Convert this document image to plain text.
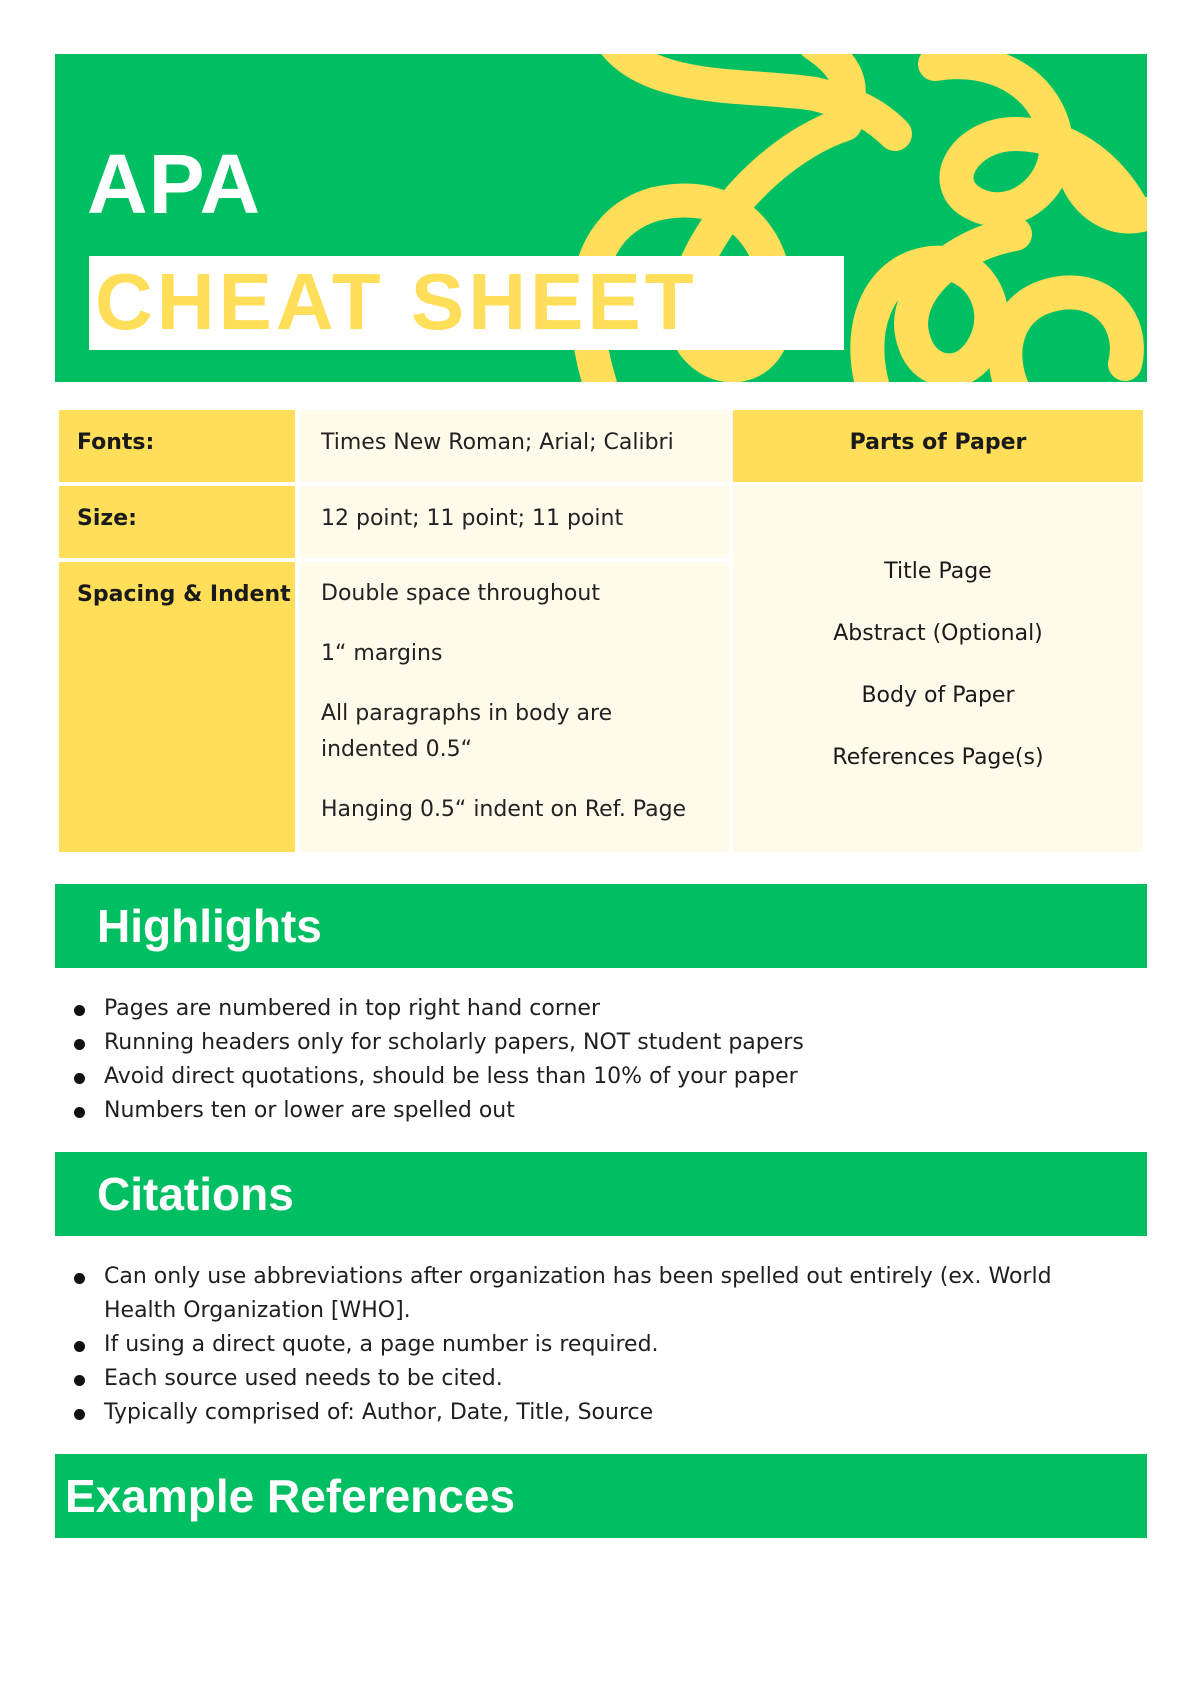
APA
CHEAT SHEET
Fonts:	Times New Roman; Arial; Calibri
Size:	12 point; 11 point; 11 point
Spacing & Indent Double space throughout

1“ margins

All paragraphs in body are indented 0.5“

Hanging 0.5“ indent on Ref. Page

Parts of Paper
Title Page
Abstract (Optional)
Body of Paper
References Page(s)
Highlights
Pages are numbered in top right hand corner
Running headers only for scholarly papers, NOT student papers
Avoid direct quotations, should be less than 10% of your paper
Numbers ten or lower are spelled out
Citations
Can only use abbreviations after organization has been spelled out entirely (ex. World Health Organization [WHO].
If using a direct quote, a page number is required.
Each source used needs to be cited.
Typically comprised of: Author, Date, Title, Source
Example References
